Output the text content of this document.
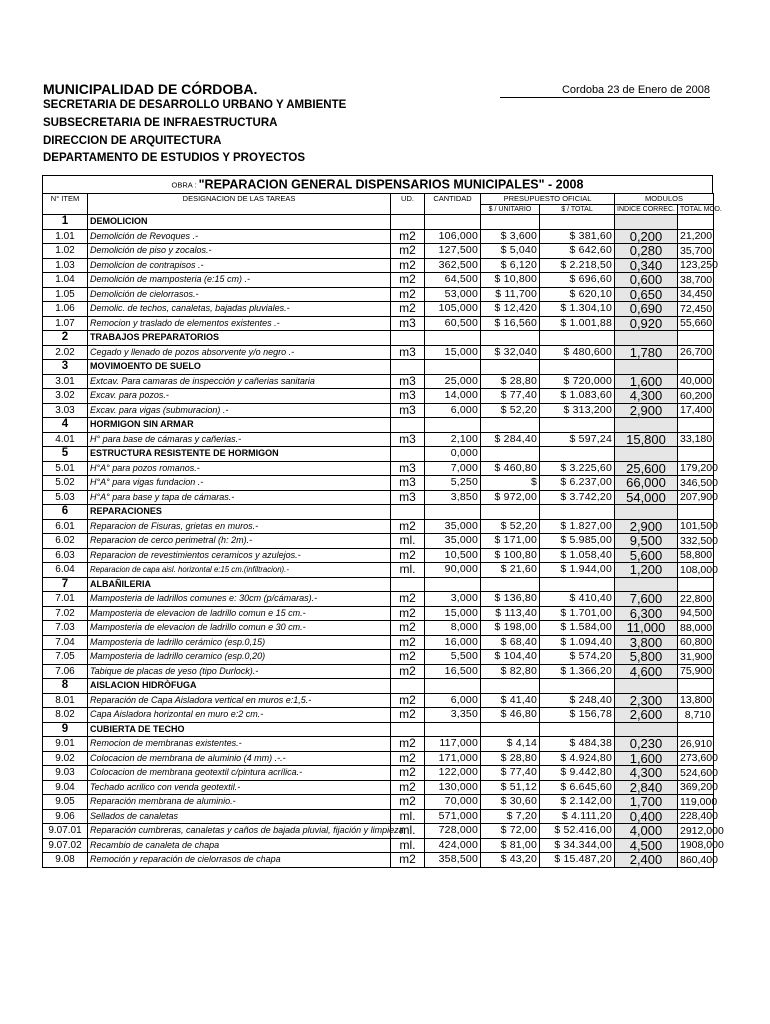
MUNICIPALIDAD DE CÓRDOBA.
SECRETARIA DE DESARROLLO URBANO Y AMBIENTE
SUBSECRETARIA DE INFRAESTRUCTURA
DIRECCION DE ARQUITECTURA
DEPARTAMENTO DE ESTUDIOS Y PROYECTOS
Cordoba 23 de Enero de 2008
OBRA : "REPARACION GENERAL DISPENSARIOS MUNICIPALES" - 2008
N° ITEM	DESIGNACION DE LAS TAREAS	UD.	CANTIDAD	PRESUPUESTO OFICIAL		MODULOS	
				$ / UNITARIO	$ / TOTAL	INDICE CORREC.	TOTAL MOD.
1	DEMOLICION						
1.01	Demolición de Revoques .-	m2	106,000	$ 3,600	$ 381,60	0,200	21,200
1.02	Demolición de piso y zocalos.-	m2	127,500	$ 5,040	$ 642,60	0,280	35,700
1.03	Demolicion de contrapisos .-	m2	362,500	$ 6,120	$ 2.218,50	0,340	123,250
1.04	Demolición de mamposteria (e:15 cm) .-	m2	64,500	$ 10,800	$ 696,60	0,600	38,700
1.05	Demolición de cielorrasos.-	m2	53,000	$ 11,700	$ 620,10	0,650	34,450
1.06	Demolic. de techos, canaletas, bajadas pluviales.-	m2	105,000	$ 12,420	$ 1.304,10	0,690	72,450
1.07	Remocion y traslado de elementos existentes .-	m3	60,500	$ 16,560	$ 1.001,88	0,920	55,660
2	TRABAJOS PREPARATORIOS						
2.02	Cegado y llenado de pozos absorvente y/o negro .-	m3	15,000	$ 32,040	$ 480,600	1,780	26,700
3	MOVIMOENTO DE SUELO						
3.01	Extcav. Para camaras de inspección y cañerias sanitaria	m3	25,000	$ 28,80	$ 720,000	1,600	40,000
3.02	Excav. para pozos.-	m3	14,000	$ 77,40	$ 1.083,60	4,300	60,200
3.03	Excav. para vigas (submuracion) .-	m3	6,000	$ 52,20	$ 313,200	2,900	17,400
4	HORMIGON SIN ARMAR						
4.01	H° para base de cámaras y cañerias.-	m3	2,100	$ 284,40	$ 597,24	15,800	33,180
5	ESTRUCTURA RESISTENTE DE HORMIGON		0,000				
5.01	H°A° para pozos romanos.-	m3	7,000	$ 460,80	$ 3.225,60	25,600	179,200
5.02	H°A° para vigas fundacion .-	m3	5,250	$	$ 6.237,00	66,000	346,500
5.03	H°A° para base y tapa de cámaras.-	m3	3,850	$ 972,00	$ 3.742,20	54,000	207,900
6	REPARACIONES						
6.01	Reparacion de Fisuras, grietas en muros.-	m2	35,000	$ 52,20	$ 1.827,00	2,900	101,500
6.02	Reparacion de cerco perimetral (h: 2m).-	ml.	35,000	$ 171,00	$ 5.985,00	9,500	332,500
6.03	Reparacion de revestimientos ceramicos y azulejos.-	m2	10,500	$ 100,80	$ 1.058,40	5,600	58,800
6.04	Reparacion de capa aisl. horizontal e:15 cm.(infiltracion).-	ml.	90,000	$ 21,60	$ 1.944,00	1,200	108,000
7	ALBAÑILERIA						
7.01	Mamposteria de ladrillos comunes e: 30cm (p/cámaras).-	m2	3,000	$ 136,80	$ 410,40	7,600	22,800
7.02	Mamposteria de elevacion de ladrillo comun e 15 cm.-	m2	15,000	$ 113,40	$ 1.701,00	6,300	94,500
7.03	Mamposteria de elevacion de ladrillo comun e 30 cm.-	m2	8,000	$ 198,00	$ 1.584,00	11,000	88,000
7.04	Mamposteria de ladrillo cerámico (esp.0,15)	m2	16,000	$ 68,40	$ 1.094,40	3,800	60,800
7.05	Mamposteria de ladrillo ceramico (esp.0,20)	m2	5,500	$ 104,40	$ 574,20	5,800	31,900
7.06	Tabique de placas de yeso (tipo Durlock).-	m2	16,500	$ 82,80	$ 1.366,20	4,600	75,900
8	AISLACION HIDRÒFUGA						
8.01	Reparación de Capa Aisladora vertical en muros e:1,5.-	m2	6,000	$ 41,40	$ 248,40	2,300	13,800
8.02	Capa Aisladora horizontal en muro e:2 cm.-	m2	3,350	$ 46,80	$ 156,78	2,600	8,710
9	CUBIERTA DE TECHO						
9.01	Remocion de membranas existentes.-	m2	117,000	$ 4,14	$ 484,38	0,230	26,910
9.02	Colocacion de membrana de aluminio (4 mm) .-.-	m2	171,000	$ 28,80	$ 4.924,80	1,600	273,600
9.03	Colocacion de membrana geotextil c/pintura acrílica.-	m2	122,000	$ 77,40	$ 9.442,80	4,300	524,600
9.04	Techado acrilico con venda geotextil.-	m2	130,000	$ 51,12	$ 6.645,60	2,840	369,200
9.05	Reparación membrana de aluminio.-	m2	70,000	$ 30,60	$ 2.142,00	1,700	119,000
9.06	Sellados de canaletas	ml.	571,000	$ 7,20	$ 4.111,20	0,400	228,400
9.07.01	Reparación cumbreras, canaletas y caños de bajada pluvial, fijación y limpieza.	ml.	728,000	$ 72,00	$ 52.416,00	4,000	2912,000
9.07.02	Recambio de canaleta de chapa	ml.	424,000	$ 81,00	$ 34.344,00	4,500	1908,000
9.08	Remoción y reparación de cielorrasos de chapa	m2	358,500	$ 43,20	$ 15.487,20	2,400	860,400
